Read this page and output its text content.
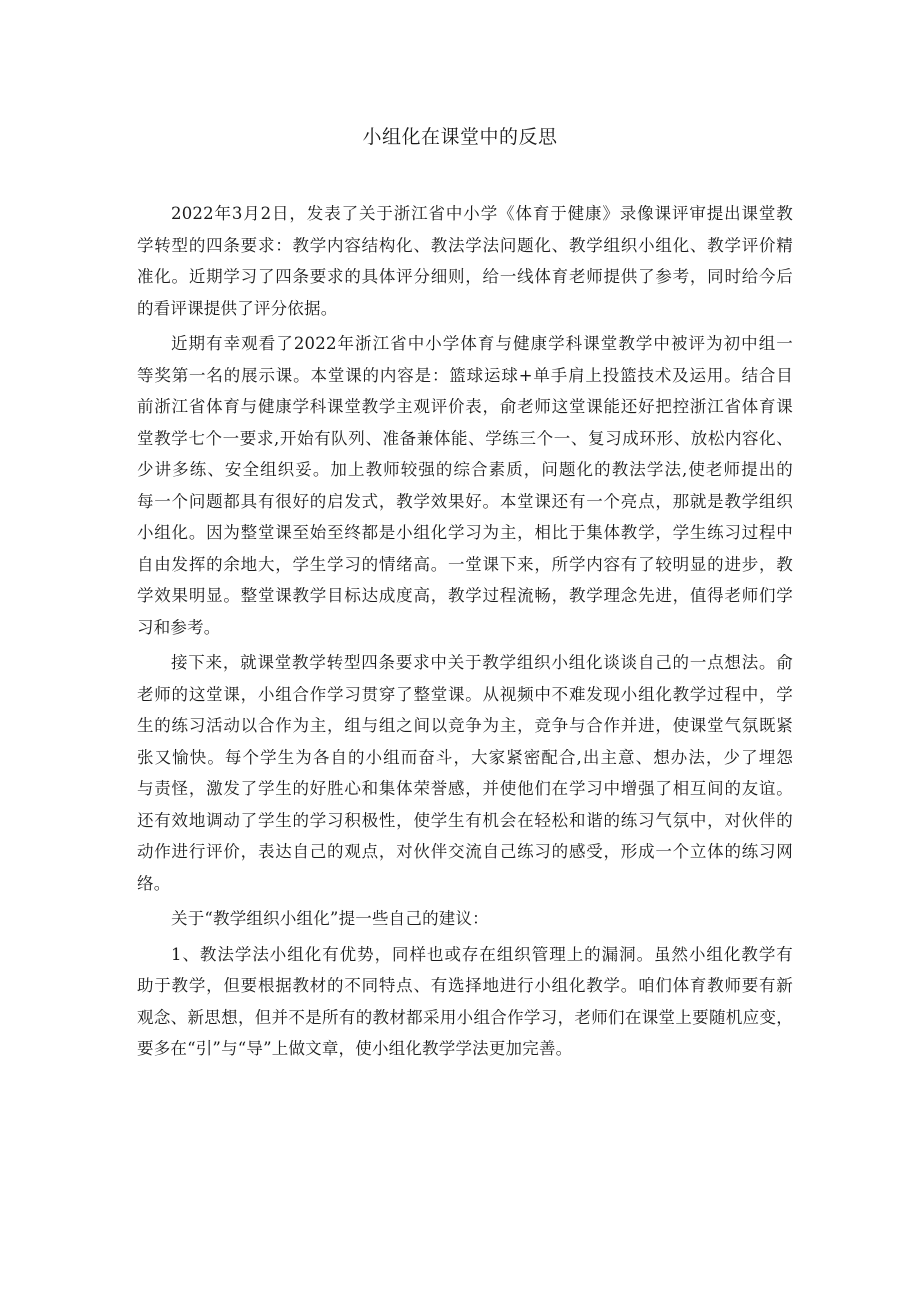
小组化在课堂中的反思
2022年3月2日，发表了关于浙江省中小学《体育于健康》录像课评审提出课堂教
学转型的四条要求：教学内容结构化、教法学法问题化、教学组织小组化、教学评价精
准化。近期学习了四条要求的具体评分细则，给一线体育老师提供了参考，同时给今后
的看评课提供了评分依据。
近期有幸观看了2022年浙江省中小学体育与健康学科课堂教学中被评为初中组一
等奖第一名的展示课。本堂课的内容是：篮球运球+单手肩上投篮技术及运用。结合目
前浙江省体育与健康学科课堂教学主观评价表，俞老师这堂课能还好把控浙江省体育课
堂教学七个一要求,开始有队列、准备兼体能、学练三个一、复习成环形、放松内容化、
少讲多练、安全组织妥。加上教师较强的综合素质，问题化的教法学法,使老师提出的
每一个问题都具有很好的启发式，教学效果好。本堂课还有一个亮点，那就是教学组织
小组化。因为整堂课至始至终都是小组化学习为主，相比于集体教学，学生练习过程中
自由发挥的余地大，学生学习的情绪高。一堂课下来，所学内容有了较明显的进步，教
学效果明显。整堂课教学目标达成度高，教学过程流畅，教学理念先进，值得老师们学
习和参考。
接下来，就课堂教学转型四条要求中关于教学组织小组化谈谈自己的一点想法。俞
老师的这堂课，小组合作学习贯穿了整堂课。从视频中不难发现小组化教学过程中，学
生的练习活动以合作为主，组与组之间以竞争为主，竞争与合作并进，使课堂气氛既紧
张又愉快。每个学生为各自的小组而奋斗，大家紧密配合,出主意、想办法，少了埋怨
与责怪，激发了学生的好胜心和集体荣誉感，并使他们在学习中增强了相互间的友谊。
还有效地调动了学生的学习积极性，使学生有机会在轻松和谐的练习气氛中，对伙伴的
动作进行评价，表达自己的观点，对伙伴交流自己练习的感受，形成一个立体的练习网
络。
关于“教学组织小组化”提一些自己的建议：
1、教法学法小组化有优势，同样也或存在组织管理上的漏洞。虽然小组化教学有
助于教学，但要根据教材的不同特点、有选择地进行小组化教学。咱们体育教师要有新
观念、新思想，但并不是所有的教材都采用小组合作学习，老师们在课堂上要随机应变，
要多在“引”与“导”上做文章，使小组化教学学法更加完善。
